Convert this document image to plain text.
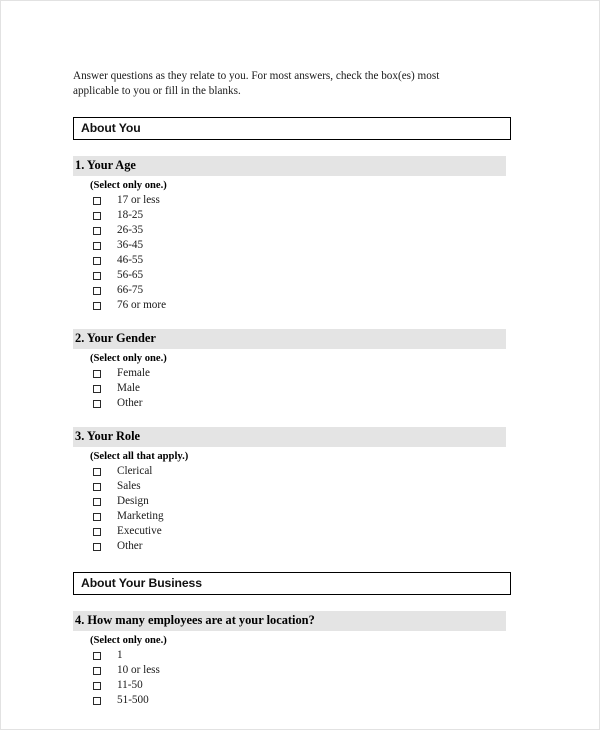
Answer questions as they relate to you. For most answers, check the box(es) most applicable to you or fill in the blanks.

About You
1. Your Age
(Select only one.)
17 or less
18-25
26-35
36-45
46-55
56-65
66-75
76 or more
2. Your Gender
(Select only one.)
Female
Male
Other
3. Your Role
(Select all that apply.)
Clerical
Sales
Design
Marketing
Executive
Other
About Your Business
4. How many employees are at your location?
(Select only one.)
1
10 or less
11-50
51-500
